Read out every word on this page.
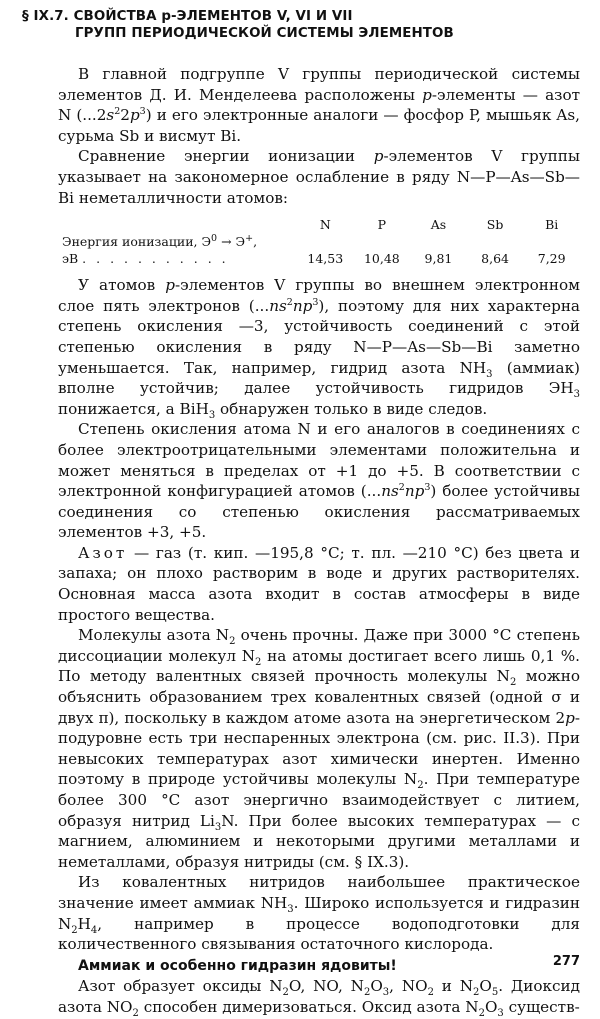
§ IX.7. СВОЙСТВА p-ЭЛЕМЕНТОВ V, VI И VII
ГРУПП ПЕРИОДИЧЕСКОЙ СИСТЕМЫ ЭЛЕМЕНТОВ

В главной подгруппе V группы периодической системы элементов Д. И. Менделеева расположены p-элементы — азот N $(...2s^22p^3)$ и его электронные аналоги — фосфор P, мышьяк As, сурьма Sb и висмут Bi.

Сравнение энергии ионизации p-элементов V группы указывает на закономерное ослабление в ряду N—P—As—Sb—Bi неметалличности атомов:

	N	P	As	Sb	Bi
Энергия ионизации, $Э^0 \to Э^+$,					
эВ . . . . . . . . . . .	14,53	10,48	9,81	8,64	7,29

У атомов p-элементов V группы во внешнем электронном слое пять электронов $(...ns^2np^3)$, поэтому для них характерна степень окисления —3, устойчивость соединений с этой степенью окисления в ряду N—P—As—Sb—Bi заметно уменьшается. Так, например, гидрид азота $NH_3$ (аммиак) вполне устойчив; далее устойчивость гидридов $ЭH_3$ понижается, а BiH$_3$ обнаружен только в виде следов.

Степень окисления атома N и его аналогов в соединениях с более электроотрицательными элементами положительна и может меняться в пределах от +1 до +5. В соответствии с электронной конфигурацией атомов $(...ns^2np^3)$ более устойчивы соединения со степенью окисления рассматриваемых элементов +3, +5.

Азот — газ (т. кип. —195,8 °C; т. пл. —210 °C) без цвета и запаха; он плохо растворим в воде и других растворителях. Основная масса азота входит в состав атмосферы в виде простого вещества.

Молекулы азота $N_2$ очень прочны. Даже при 3000 °C степень диссоциации молекул $N_2$ на атомы достигает всего лишь 0,1 %. По методу валентных связей прочность молекулы $N_2$ можно объяснить образованием трех ковалентных связей (одной σ и двух π), поскольку в каждом атоме азота на энергетическом 2p-подуровне есть три неспаренных электрона (см. рис. II.3). При невысоких температурах азот химически инертен. Именно поэтому в природе устойчивы молекулы $N_2$. При температуре более 300 °C азот энергично взаимодействует с литием, образуя нитрид $Li_3N$. При более высоких температурах — с магнием, алюминием и некоторыми другими металлами и неметаллами, образуя нитриды (см. § IX.3).

Из ковалентных нитридов наибольшее практическое значение имеет аммиак $NH_3$. Широко используется и гидразин $N_2H_4$, например в процессе водоподготовки для количественного связывания остаточного кислорода.

Аммиак и особенно гидразин ядовиты!

Азот образует оксиды $N_2O$, NO, $N_2O_3$, $NO_2$ и $N_2O_5$. Диоксид азота $NO_2$ способен димеризоваться. Оксид азота $N_2O_3$ существ-

277
